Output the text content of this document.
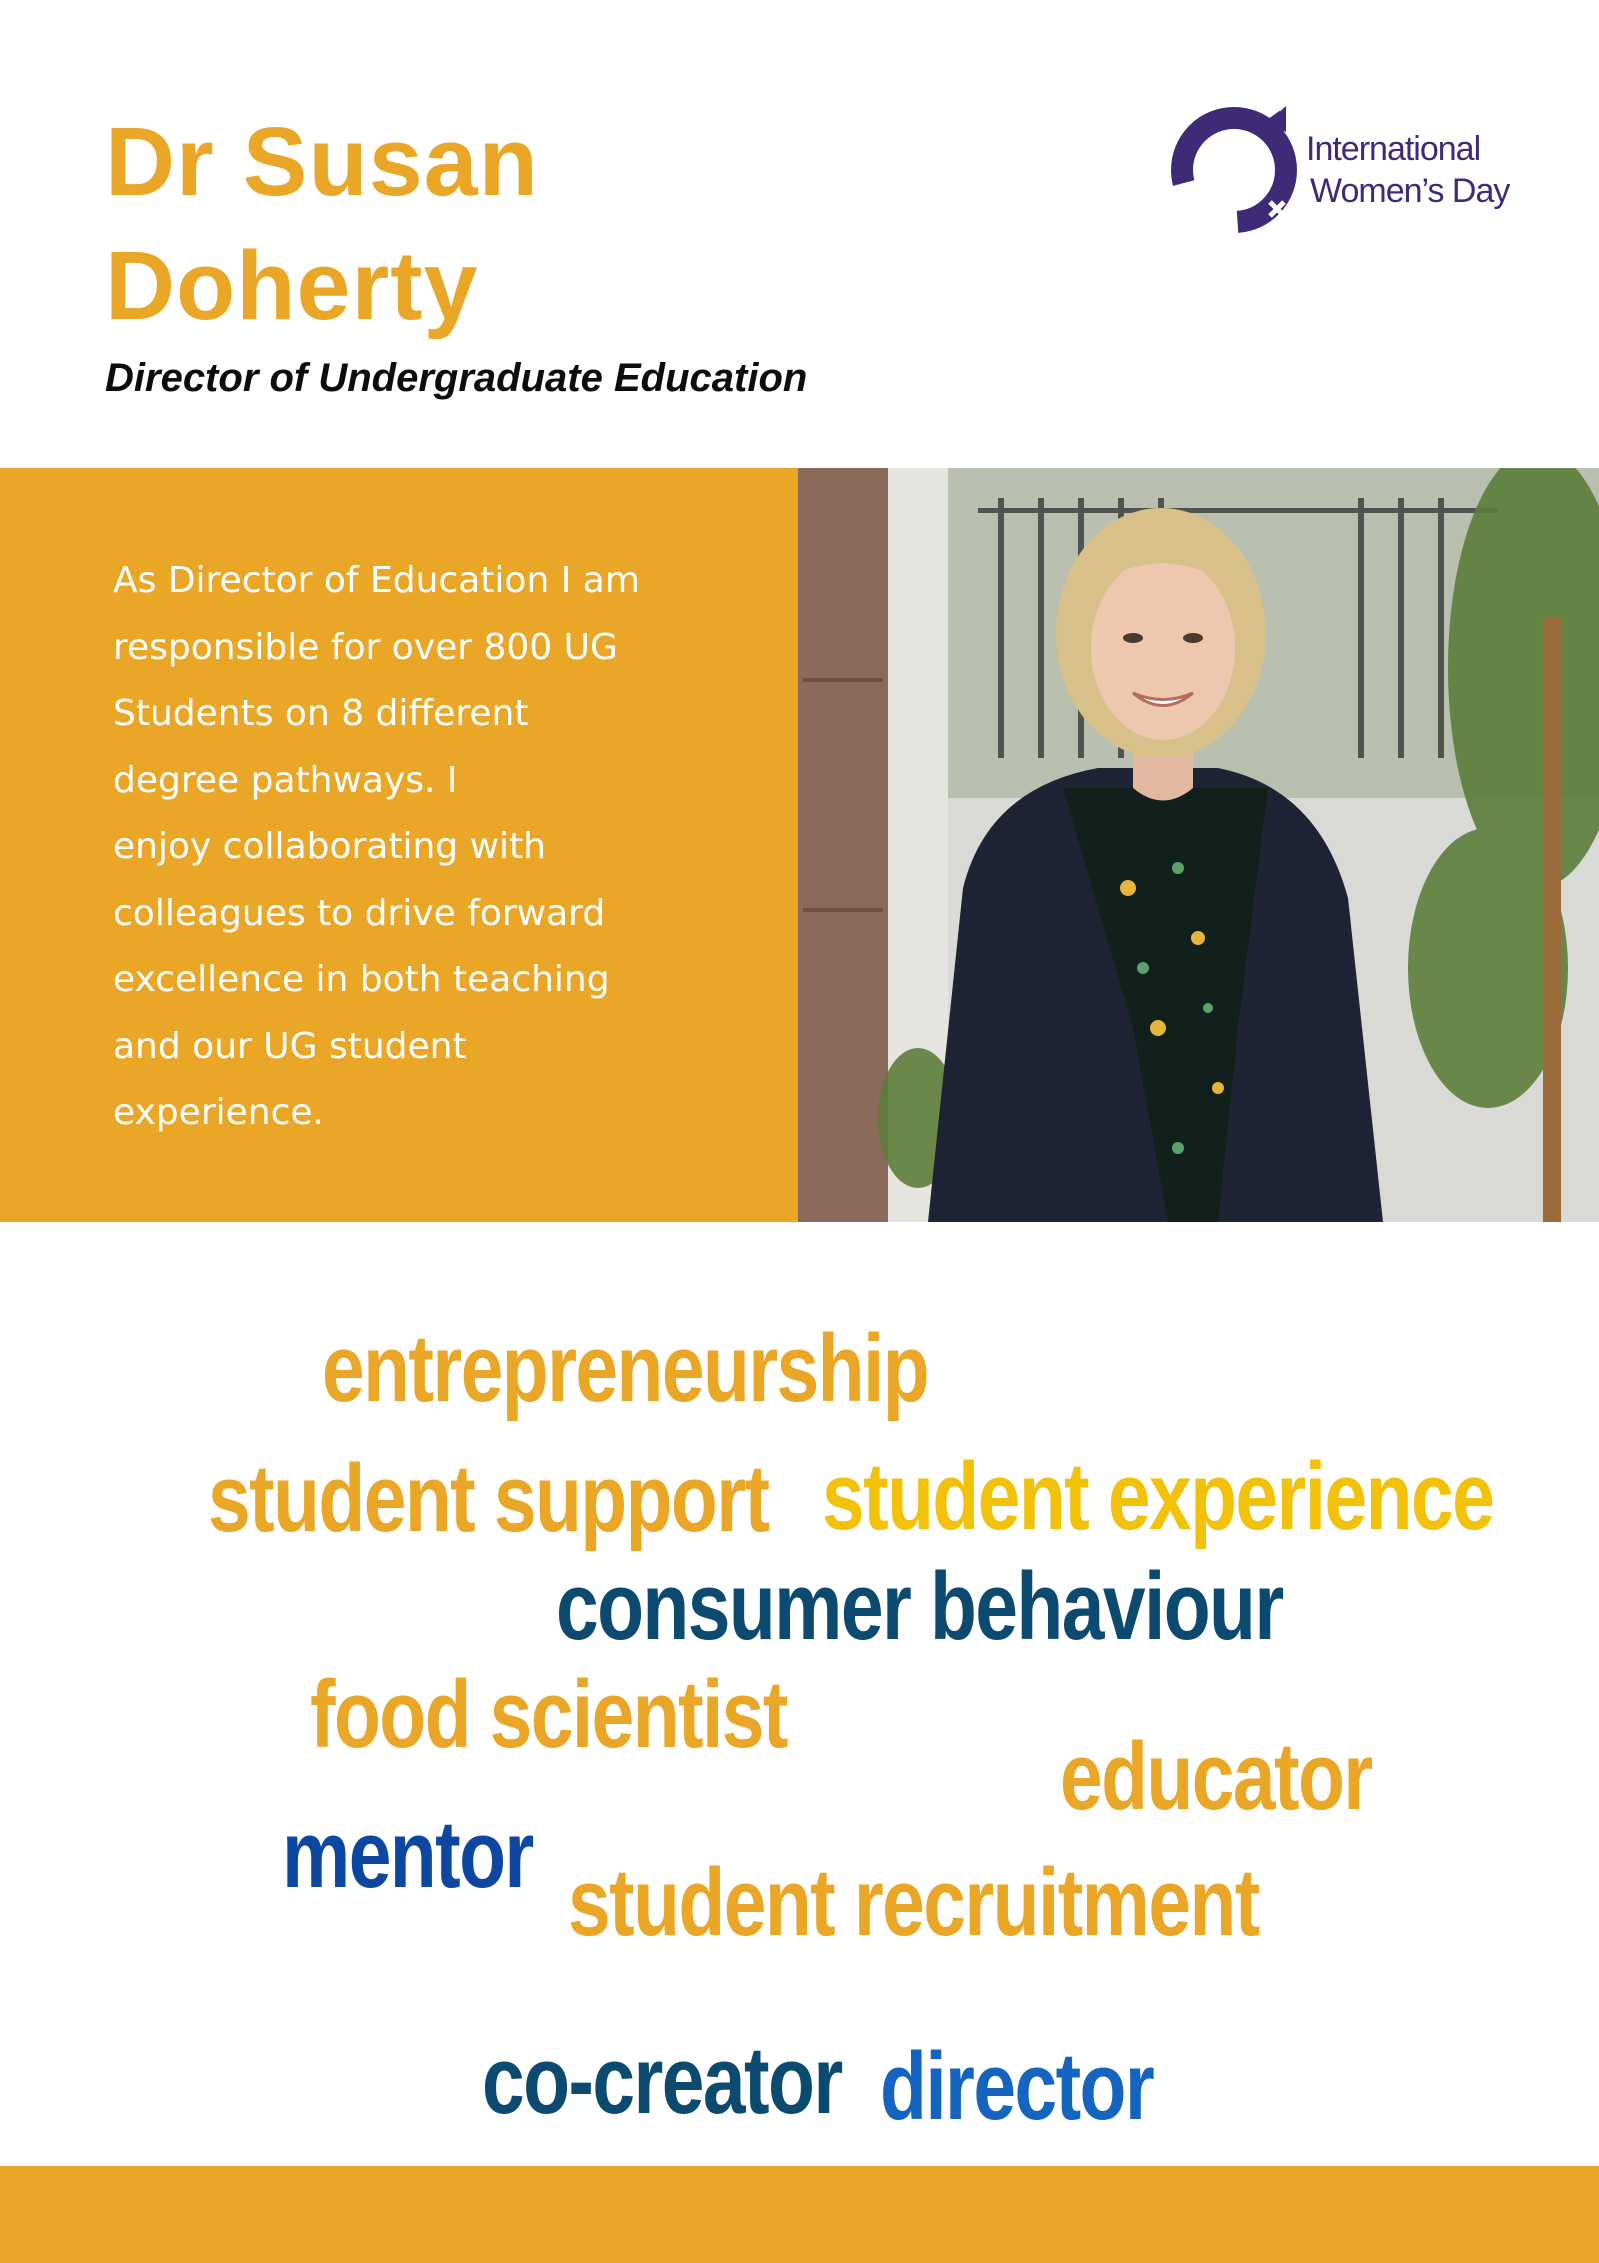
Dr Susan
Doherty

Director of Undergraduate Education

International
Women’s Day

As Director of Education I am
responsible for over 800 UG
Students on 8 different
degree pathways. I
enjoy collaborating with
colleagues to drive forward
excellence in both teaching
and our UG student
experience.

entrepreneurship

student support student experience

consumer behaviour

food scientist

educator

mentor student recruitment

co-creator director
